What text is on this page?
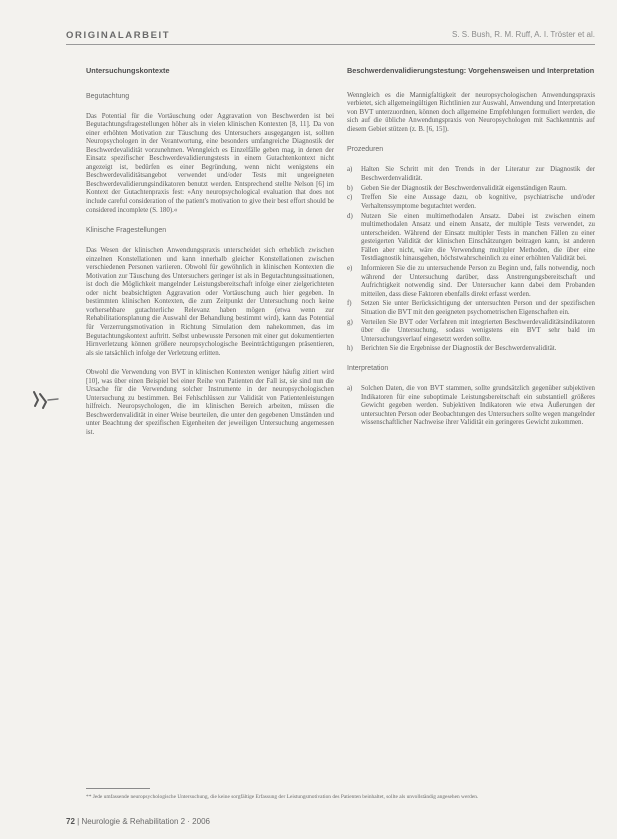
ORIGINALARBEIT	S. S. Bush, R. M. Ruff, A. I. Tröster et al.
Untersuchungskontexte
Begutachtung

Das Potential für die Vortäuschung oder Aggravation von Beschwerden ist bei Begutachtungsfragestellungen höher als in vielen klinischen Kontexten [8, 11]. Da von einer erhöhten Motivation zur Täuschung des Untersuchers ausgegangen ist, sollten Neuropsychologen in der Verantwortung, eine besonders umfangreiche Diagnostik der Beschwerdevalidität vorzunehmen. Wenngleich es Einzelfälle geben mag, in denen der Einsatz spezifischer Beschwerdevalidierungstests in einem Gutachtenkontext nicht angezeigt ist, bedürfen es einer Begründung, wenn nicht wenigstens ein Beschwerdevaliditätsangebot verwendet und/oder Tests mit ungeeigneten Beschwerdevalidierungsindikatoren benutzt werden. Entsprechend stellte Nelson [6] im Kontext der Gutachtenpraxis fest: »Any neuropsychological evaluation that does not include careful consideration of the patient's motivation to give their best effort should be considered incomplete (S. 180).«

Klinische Fragestellungen

Das Wesen der klinischen Anwendungspraxis unterscheidet sich erheblich zwischen einzelnen Konstellationen und kann innerhalb gleicher Konstellationen zwischen verschiedenen Personen variieren. Obwohl für gewöhnlich in klinischen Kontexten die Motivation zur Täuschung des Untersuchers geringer ist als in Begutachtungssituationen, ist doch die Möglichkeit mangelnder Leistungsbereitschaft infolge einer zielgerichteten oder nicht beabsichtigten Aggravation oder Vortäuschung auch hier gegeben. In bestimmten klinischen Kontexten, die zum Zeitpunkt der Untersuchung noch keine vorhersehbare gutachterliche Relevanz haben mögen (etwa wenn zur Rehabilitationsplanung die Auswahl der Behandlung bestimmt wird), kann das Potential für Verzerrungsmotivation in Richtung Simulation dem nahekommen, das im Begutachtungskontext auftritt. Selbst unbewusste Personen mit einer gut dokumentierten Hirnverletzung können größere neuropsychologische Beeinträchtigungen präsentieren, als sie tatsächlich infolge der Verletzung erlitten.

Obwohl die Verwendung von BVT in klinischen Kontexten weniger häufig zitiert wird [10], was über einen Beispiel bei einer Reihe von Patienten der Fall ist, sie sind nun die Ursache für die Verwendung solcher Instrumente in der neuropsychologischen Untersuchung zu bestimmen. Bei Fehlschlüssen zur Validität von Patientenleistungen hilfreich. Neuropsychologen, die im klinischen Bereich arbeiten, müssen die Beschwerdenvalidität in einer Weise beurteilen, die unter den gegebenen Umständen und unter Beachtung der spezifischen Eigenheiten der jeweiligen Untersuchung angemessen ist.

Beschwerdenvalidierungstestung: Vorgehensweisen und Interpretation

Wenngleich es die Mannigfaltigkeit der neuropsychologischen Anwendungspraxis verbietet, sich allgemeingültigen Richtlinien zur Auswahl, Anwendung und Interpretation von BVT unterzuordnen, können doch allgemeine Empfehlungen formuliert werden, die sich auf die übliche Anwendungspraxis von Neuropsychologen mit Sachkenntnis auf diesem Gebiet stützen (z. B. [6, 15]).

Prozeduren
a)	Halten Sie Schritt mit den Trends in der Literatur zur Diagnostik der Beschwerdenvalidität.
b)	Geben Sie der Diagnostik der Beschwerdenvalidität eigenständigen Raum.
c)	Treffen Sie eine Aussage dazu, ob kognitive, psychiatrische und/oder Verhaltenssymptome begutachtet werden.
d)	Nutzen Sie einen multimethodalen Ansatz. Dabei ist zwischen einem multimethodalen Ansatz und einem Ansatz, der multiple Tests verwendet, zu unterscheiden. Während der Einsatz multipler Tests in manchen Fällen zu einer gesteigerten Validität der klinischen Einschätzungen beitragen kann, ist anderen Fällen aber nicht, wäre die Verwendung multipler Methoden, die über eine Testdiagnostik hinausgehen, höchstwahrscheinlich zu einer erhöhten Validität bei.
e)	Informieren Sie die zu untersuchende Person zu Beginn und, falls notwendig, noch während der Untersuchung darüber, dass Anstrengungsbereitschaft und Aufrichtigkeit notwendig sind. Der Untersucher kann dabei dem Probanden mitteilen, dass diese Faktoren ebenfalls direkt erfasst werden.
f)	Setzen Sie unter Berücksichtigung der untersuchten Person und der spezifischen Situation die BVT mit den geeigneten psychometrischen Eigenschaften ein.
g)	Verteilen Sie BVT oder Verfahren mit integrierten Beschwerdevaliditätsindikatoren über die Untersuchung, sodass wenigstens ein BVT sehr bald im Untersuchungsverlauf eingesetzt werden sollte.
h)	Berichten Sie die Ergebnisse der Diagnostik der Beschwerdenvalidität.
Interpretation
a)	Solchen Daten, die von BVT stammen, sollte grundsätzlich gegenüber subjektiven Indikatoren für eine suboptimale Leistungsbereitschaft ein substantiell größeres Gewicht gegeben werden. Subjektiven Indikatoren wie etwa Äußerungen der untersuchten Person oder Beobachtungen des Untersuchers sollte wegen mangelnder wissenschaftlicher Nachweise ihrer Validität ein geringeres Gewicht zukommen.
** Jede umfassende neuropsychologische Untersuchung, die keine sorgfältige Erfassung der Leistungsmotivation des Patienten beinhaltet, sollte als unvollständig angesehen werden.
72 | Neurologie & Rehabilitation 2 · 2006
